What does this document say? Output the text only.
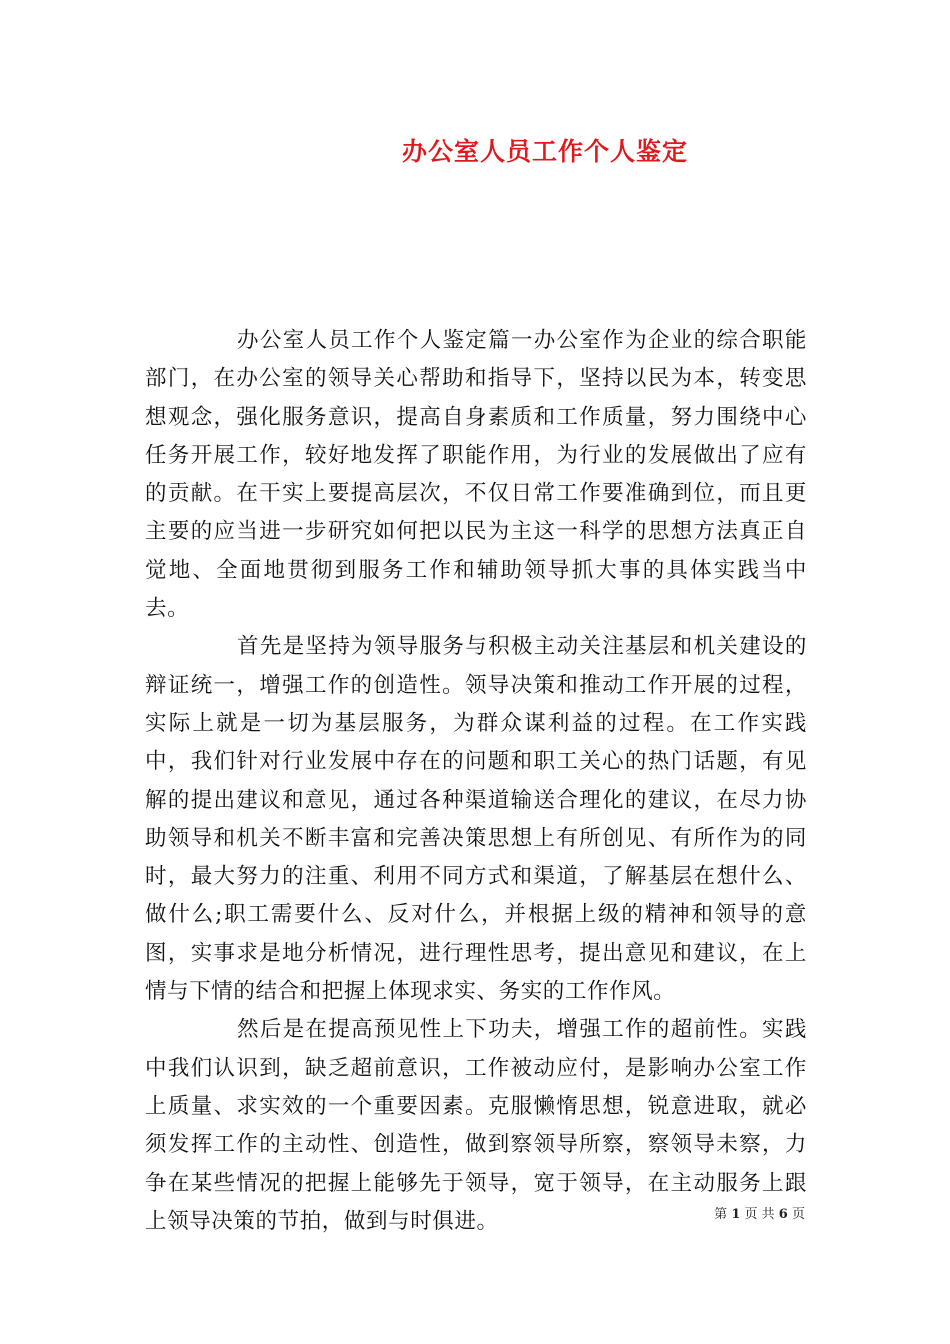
办公室人员工作个人鉴定

办公室人员工作个人鉴定篇一办公室作为企业的综合职能部门，在办公室的领导关心帮助和指导下，坚持以民为本，转变思想观念，强化服务意识，提高自身素质和工作质量，努力围绕中心任务开展工作，较好地发挥了职能作用，为行业的发展做出了应有的贡献。在干实上要提高层次，不仅日常工作要准确到位，而且更主要的应当进一步研究如何把以民为主这一科学的思想方法真正自觉地、全面地贯彻到服务工作和辅助领导抓大事的具体实践当中去。

首先是坚持为领导服务与积极主动关注基层和机关建设的辩证统一，增强工作的创造性。领导决策和推动工作开展的过程，实际上就是一切为基层服务，为群众谋利益的过程。在工作实践中，我们针对行业发展中存在的问题和职工关心的热门话题，有见解的提出建议和意见，通过各种渠道输送合理化的建议，在尽力协助领导和机关不断丰富和完善决策思想上有所创见、有所作为的同时，最大努力的注重、利用不同方式和渠道，了解基层在想什么、做什么;职工需要什么、反对什么，并根据上级的精神和领导的意图，实事求是地分析情况，进行理性思考，提出意见和建议，在上情与下情的结合和把握上体现求实、务实的工作作风。

然后是在提高预见性上下功夫，增强工作的超前性。实践中我们认识到，缺乏超前意识，工作被动应付，是影响办公室工作上质量、求实效的一个重要因素。克服懒惰思想，锐意进取，就必须发挥工作的主动性、创造性，做到察领导所察，察领导未察，力争在某些情况的把握上能够先于领导，宽于领导，在主动服务上跟上领导决策的节拍，做到与时俱进。	第 1 页 共 6 页
